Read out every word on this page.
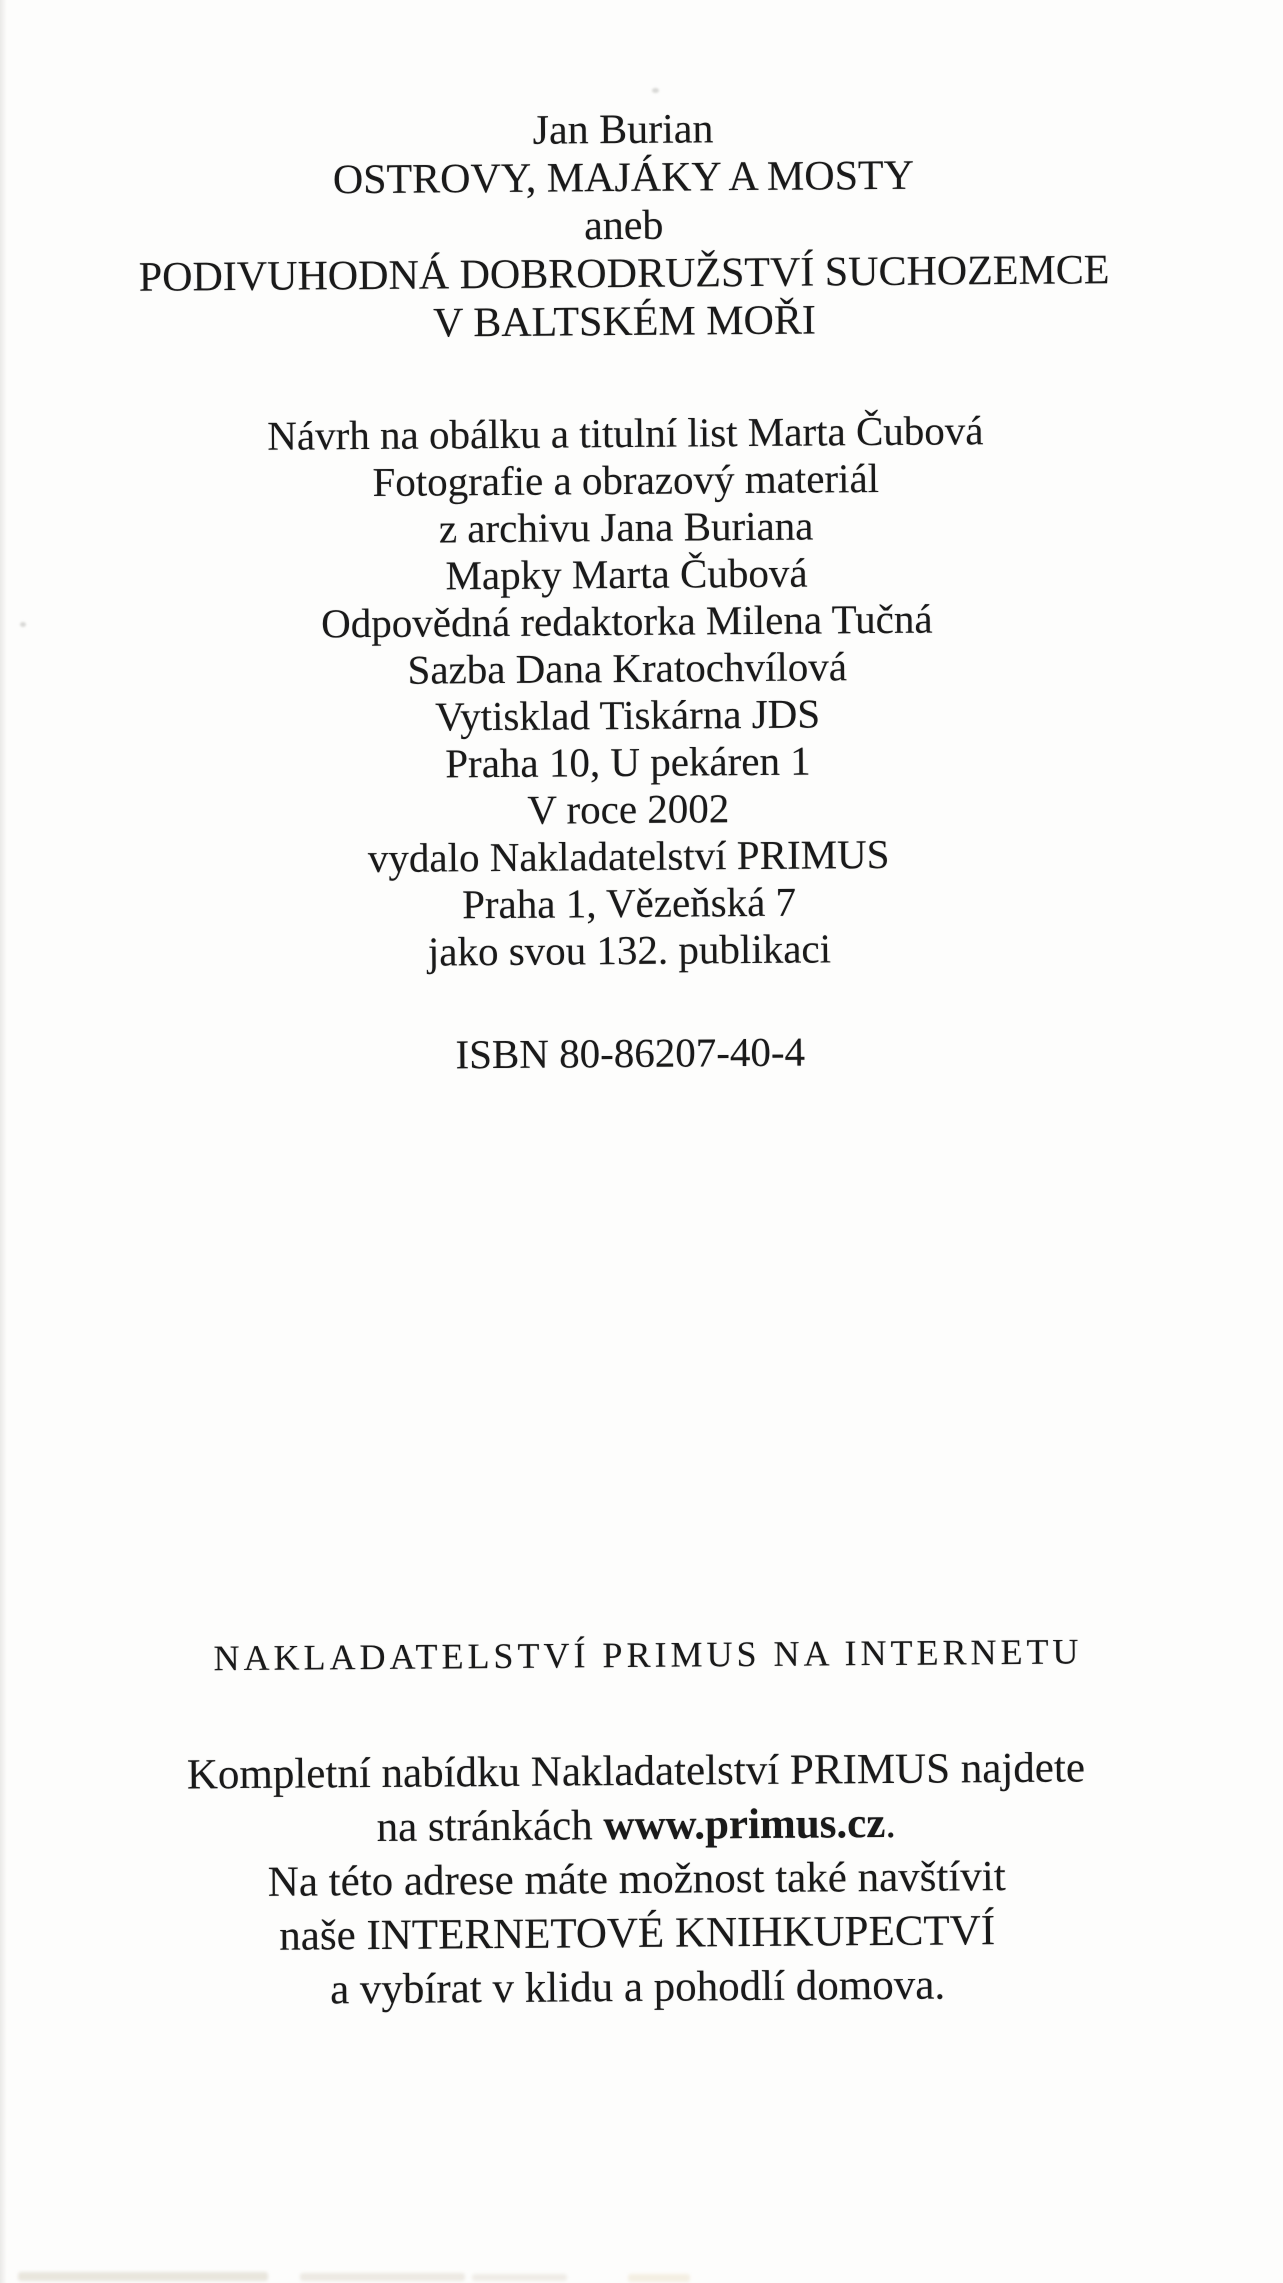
Jan Burian
OSTROVY, MAJÁKY A MOSTY
aneb
PODIVUHODNÁ DOBRODRUŽSTVÍ SUCHOZEMCE
V BALTSKÉM MOŘI
Návrh na obálku a titulní list Marta Čubová
Fotografie a obrazový materiál
z archivu Jana Buriana
Mapky Marta Čubová
Odpovědná redaktorka Milena Tučná
Sazba Dana Kratochvílová
Vytisklad Tiskárna JDS
Praha 10, U pekáren 1
V roce 2002
vydalo Nakladatelství PRIMUS
Praha 1, Vězeňská 7
jako svou 132. publikaci
ISBN 80-86207-40-4
NAKLADATELSTVÍ PRIMUS NA INTERNETU
Kompletní nabídku Nakladatelství PRIMUS najdete
na stránkách www.primus.cz.
Na této adrese máte možnost také navštívit
naše INTERNETOVÉ KNIHKUPECTVÍ
a vybírat v klidu a pohodlí domova.
